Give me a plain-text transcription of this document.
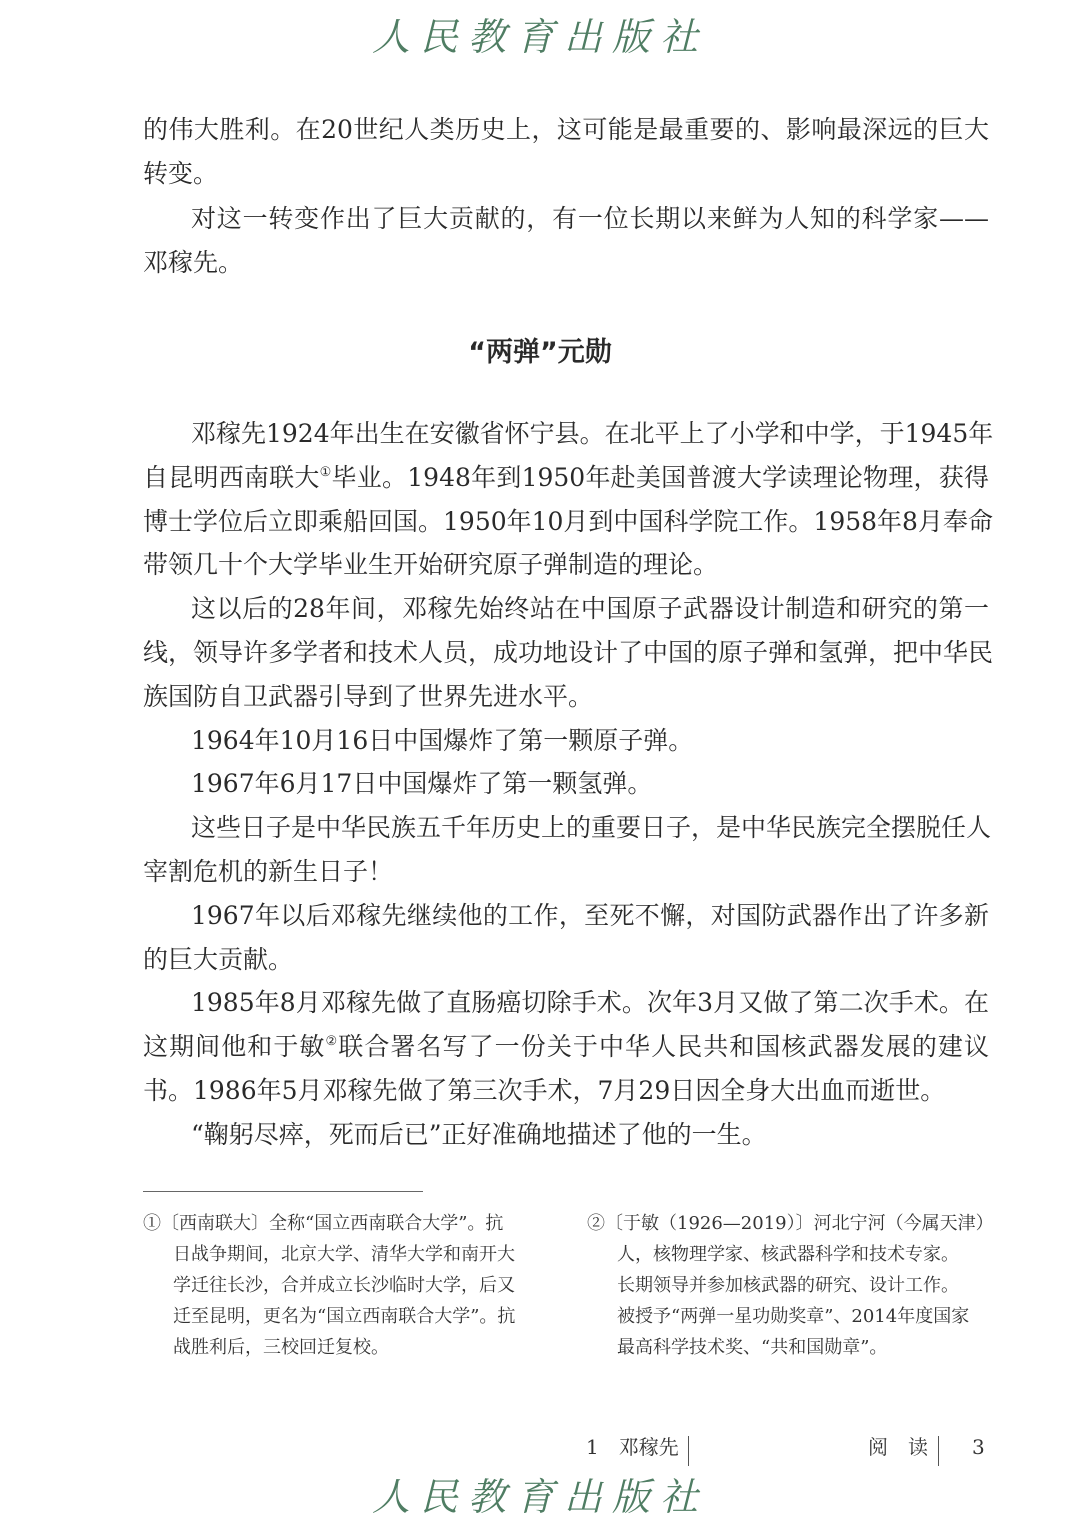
人民教育出版社
的伟大胜利。在20世纪人类历史上，这可能是最重要的、影响最深远的巨大
转变。
对这一转变作出了巨大贡献的，有一位长期以来鲜为人知的科学家——
邓稼先。
“两弹”元勋
邓稼先1924年出生在安徽省怀宁县。在北平上了小学和中学，于1945年
自昆明西南联大①毕业。1948年到1950年赴美国普渡大学读理论物理，获得
博士学位后立即乘船回国。1950年10月到中国科学院工作。1958年8月奉命
带领几十个大学毕业生开始研究原子弹制造的理论。
这以后的28年间，邓稼先始终站在中国原子武器设计制造和研究的第一
线，领导许多学者和技术人员，成功地设计了中国的原子弹和氢弹，把中华民
族国防自卫武器引导到了世界先进水平。
1964年10月16日中国爆炸了第一颗原子弹。
1967年6月17日中国爆炸了第一颗氢弹。
这些日子是中华民族五千年历史上的重要日子，是中华民族完全摆脱任人
宰割危机的新生日子！
1967年以后邓稼先继续他的工作，至死不懈，对国防武器作出了许多新
的巨大贡献。
1985年8月邓稼先做了直肠癌切除手术。次年3月又做了第二次手术。在
这期间他和于敏②联合署名写了一份关于中华人民共和国核武器发展的建议
书。1986年5月邓稼先做了第三次手术，7月29日因全身大出血而逝世。
“鞠躬尽瘁，死而后已”正好准确地描述了他的一生。
①〔西南联大〕全称“国立西南联合大学”。抗
日战争期间，北京大学、清华大学和南开大
学迁往长沙，合并成立长沙临时大学，后又
迁至昆明，更名为“国立西南联合大学”。抗
战胜利后，三校回迁复校。
②〔于敏（1926—2019）〕河北宁河（今属天津）
人，核物理学家、核武器科学和技术专家。
长期领导并参加核武器的研究、设计工作。
被授予“两弹一星功勋奖章”、2014年度国家
最高科学技术奖、“共和国勋章”。
1　邓稼先	阅　读 3
人民教育出版社
